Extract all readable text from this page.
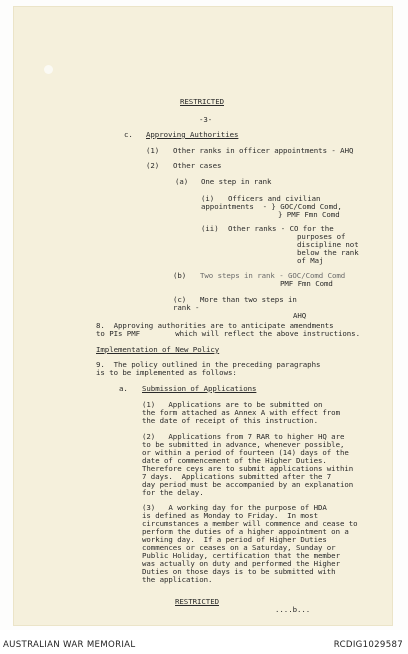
RESTRICTED
-3-
c. Approving Authorities
(1) Other ranks in officer appointments - AHQ
(2) Other cases
(a) One step in rank
(i) Officers and civilian
appointments  - } GOC/Comd Comd,
} PMF Fmn Comd
(ii) Other ranks - CO for the
purposes of
discipline not
below the rank
of Maj
(b) Two steps in rank - GOC/Comd Comd
PMF Fmn Comd
(c) More than two steps in
rank -
AHQ
8.  Approving authorities are to anticipate amendments
to PIs PMF        which will reflect the above instructions.
Implementation of New Policy
9.  The policy outlined in the preceding paragraphs
is to be implemented as follows:
a. Submission of Applications
(1)   Applications are to be submitted on
the form attached as Annex A with effect from
the date of receipt of this instruction.
(2)   Applications from 7 RAR to higher HQ are
to be submitted in advance, whenever possible,
or within a period of fourteen (14) days of the
date of commencement of the Higher Duties.
Therefore ceys are to submit applications within
7 days.  Applications submitted after the 7
day period must be accompanied by an explanation
for the delay.
(3)   A working day for the purpose of HDA
is defined as Monday to Friday.  In most
circumstances a member will commence and cease to
perform the duties of a higher appointment on a
working day.  If a period of Higher Duties
commences or ceases on a Saturday, Sunday or
Public Holiday, certification that the member
was actually on duty and performed the Higher
Duties on those days is to be submitted with
the application.
RESTRICTED
....b...
AUSTRALIAN WAR MEMORIAL	RCDIG1029587
